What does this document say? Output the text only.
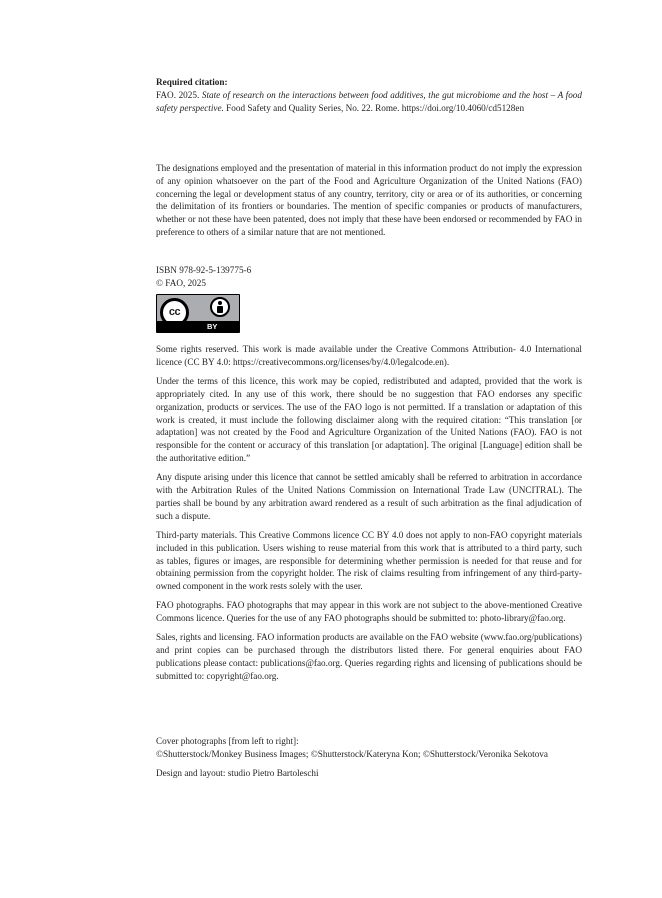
Required citation:

FAO. 2025. State of research on the interactions between food additives, the gut microbiome and the host – A food safety perspective. Food Safety and Quality Series, No. 22. Rome. https://doi.org/10.4060/cd5128en

The designations employed and the presentation of material in this information product do not imply the expression of any opinion whatsoever on the part of the Food and Agriculture Organization of the United Nations (FAO) concerning the legal or development status of any country, territory, city or area or of its authorities, or concerning the delimitation of its frontiers or boundaries. The mention of specific companies or products of manufacturers, whether or not these have been patented, does not imply that these have been endorsed or recommended by FAO in preference to others of a similar nature that are not mentioned.

ISBN 978-92-5-139775-6

© FAO, 2025

cc
BY

Some rights reserved. This work is made available under the Creative Commons Attribution- 4.0 International licence (CC BY 4.0: https://creativecommons.org/licenses/by/4.0/legalcode.en).

Under the terms of this licence, this work may be copied, redistributed and adapted, provided that the work is appropriately cited. In any use of this work, there should be no suggestion that FAO endorses any specific organization, products or services. The use of the FAO logo is not permitted. If a translation or adaptation of this work is created, it must include the following disclaimer along with the required citation: “This translation [or adaptation] was not created by the Food and Agriculture Organization of the United Nations (FAO). FAO is not responsible for the content or accuracy of this translation [or adaptation]. The original [Language] edition shall be the authoritative edition.”

Any dispute arising under this licence that cannot be settled amicably shall be referred to arbitration in accordance with the Arbitration Rules of the United Nations Commission on International Trade Law (UNCITRAL). The parties shall be bound by any arbitration award rendered as a result of such arbitration as the final adjudication of such a dispute.

Third-party materials. This Creative Commons licence CC BY 4.0 does not apply to non-FAO copyright materials included in this publication. Users wishing to reuse material from this work that is attributed to a third party, such as tables, figures or images, are responsible for determining whether permission is needed for that reuse and for obtaining permission from the copyright holder. The risk of claims resulting from infringement of any third-party-owned component in the work rests solely with the user.

FAO photographs. FAO photographs that may appear in this work are not subject to the above-mentioned Creative Commons licence. Queries for the use of any FAO photographs should be submitted to: photo-library@fao.org.

Sales, rights and licensing. FAO information products are available on the FAO website (www.fao.org/publications) and print copies can be purchased through the distributors listed there. For general enquiries about FAO publications please contact: publications@fao.org. Queries regarding rights and licensing of publications should be submitted to: copyright@fao.org.

Cover photographs [from left to right]:

©Shutterstock/Monkey Business Images; ©Shutterstock/Kateryna Kon; ©Shutterstock/Veronika Sekotova

Design and layout: studio Pietro Bartoleschi
